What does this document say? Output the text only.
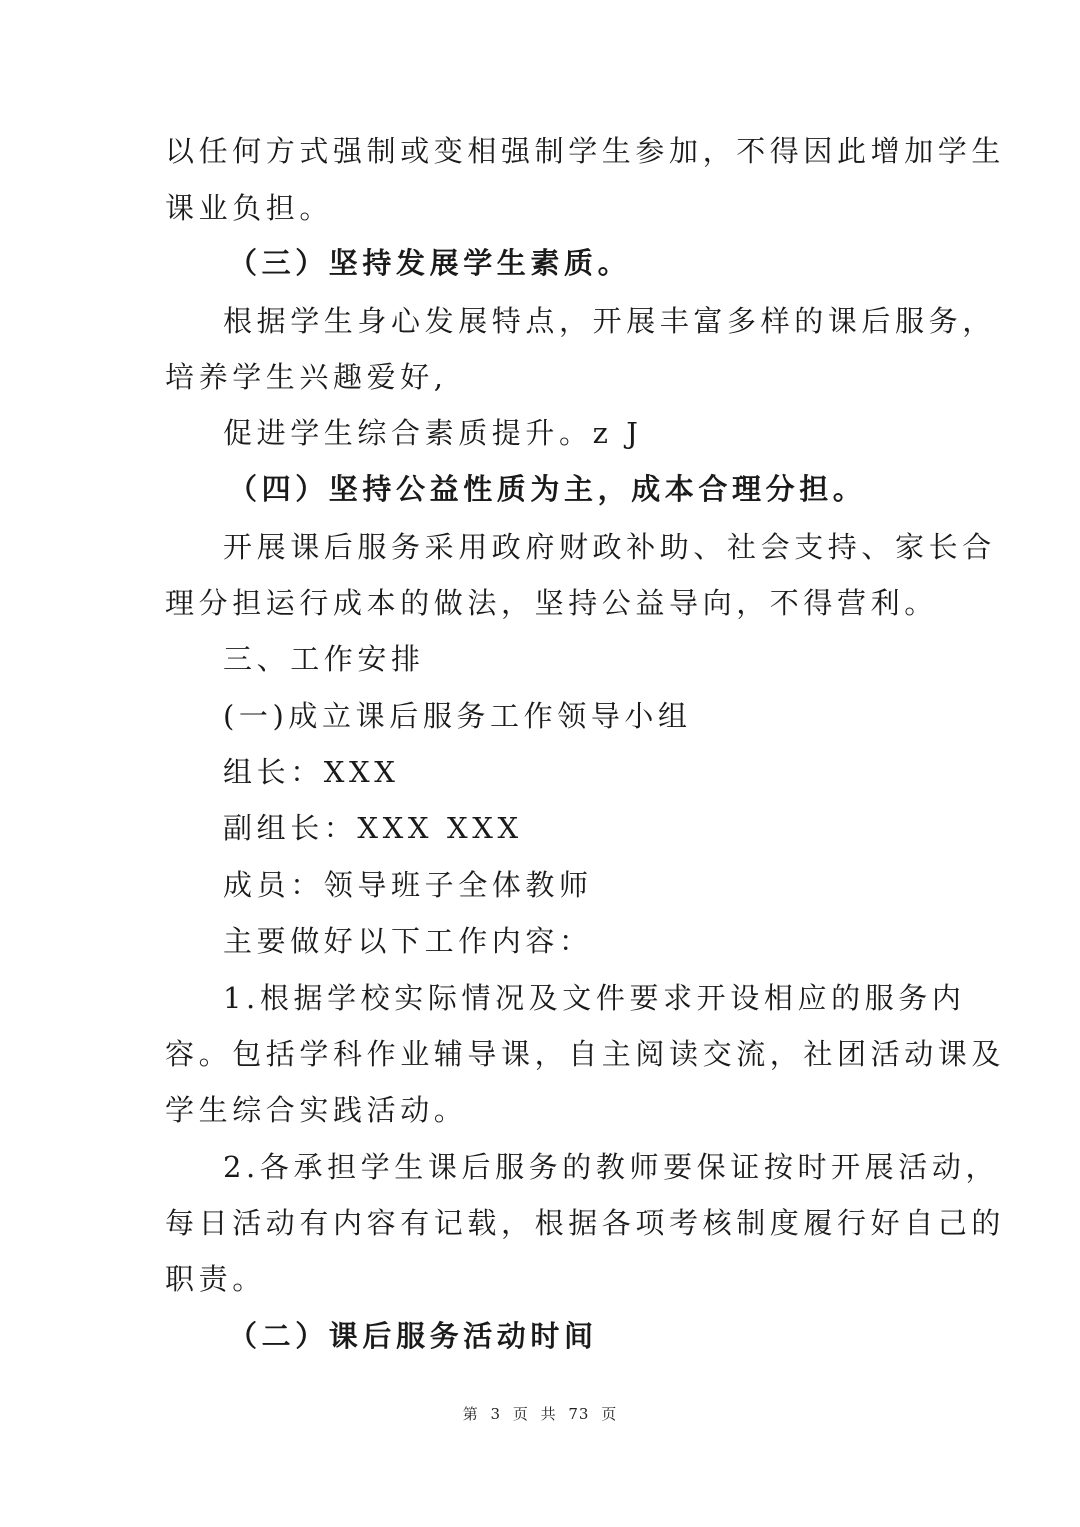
以任何方式强制或变相强制学生参加，不得因此增加学生
课业负担。
（三）坚持发展学生素质。
根据学生身心发展特点，开展丰富多样的课后服务，
培养学生兴趣爱好,
促进学生综合素质提升。z J
（四）坚持公益性质为主，成本合理分担。
开展课后服务采用政府财政补助、社会支持、家长合
理分担运行成本的做法，坚持公益导向，不得营利。
三、工作安排
(一)成立课后服务工作领导小组
组长：XXX
副组长：XXX XXX
成员：领导班子全体教师
主要做好以下工作内容：
1.根据学校实际情况及文件要求开设相应的服务内
容。包括学科作业辅导课，自主阅读交流，社团活动课及
学生综合实践活动。
2.各承担学生课后服务的教师要保证按时开展活动，
每日活动有内容有记载，根据各项考核制度履行好自己的
职责。
（二）课后服务活动时间
第 3 页 共 73 页
